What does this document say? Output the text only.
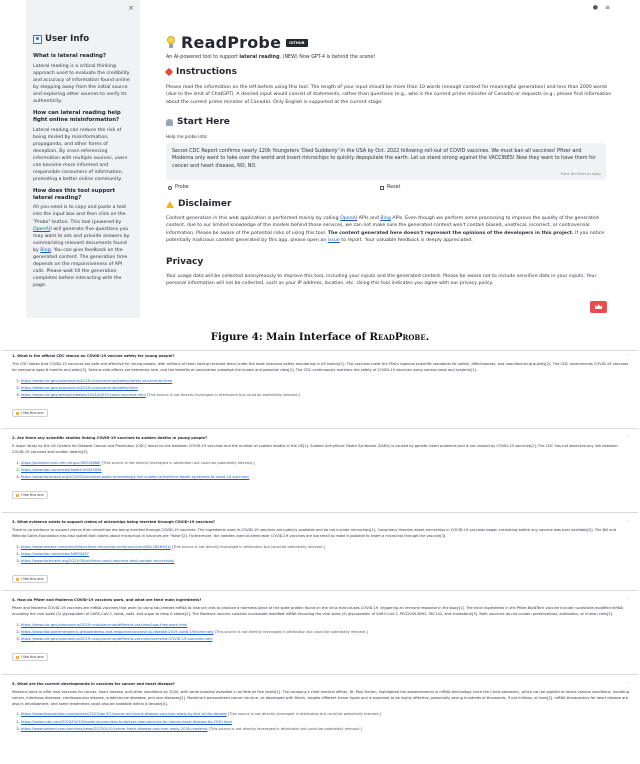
×
User Info
What is lateral reading?
Lateral reading is a critical thinking approach used to evaluate the credibility and accuracy of information found online by stepping away from the initial source and exploring other sources to verify its authenticity.
How can lateral reading help fight online misinformation?
Lateral reading can reduce the risk of being misled by misinformation, propaganda, and other forms of deception. By cross-referencing information with multiple sources, users can become more informed and responsible consumers of information, promoting a better online community.
How does this tool support lateral reading?
All you need is to copy and paste a text into the input box and then click on the "Probe" button. This tool (powered by OpenAI) will generate five questions you may want to ask and provide answers by summarizing relevant documents found by Bing. You can give feedback on the generated content. The generation time depends on the responsiveness of API calls. Please wait till the generation completes before interacting with the page.
● ≡
ReadProbe	GITHUB
An AI-powered tool to support lateral reading. (NEW) Now GPT-4 is behind the scene!
Instructions
Please read the information on the left before using this tool. The length of your input should be more than 10 words (enough context for meaningful generation) and less than 2000 words (due to the limit of ChatGPT). A desired input would consist of statements, rather than questions (e.g., who is the current prime minister of Canada) or requests (e.g., please find information about the current prime minister of Canada). Only English is supported at the current stage.
Start Here
Help me probe into:
Secret CDC Report confirms nearly 120k Youngsters 'Died Suddenly' in the USA by Oct. 2022 following roll-out of COVID vaccines. We must ban all vaccines! Pfizer and Moderna only want to take over the world and insert microchips to quickly depopulate the earth. Let us stand strong against the VACCINES! Now they want to have them for cancer and heart disease, NO, NO.
Press ⌘+Enter to apply
Probe	Reset
Disclaimer
Content generation in this web application is performed mainly by calling OpenAI APIs and Bing APIs. Even though we perform some processing to improve the quality of the generated content, due to our limited knowledge of the models behind those services, we can not make sure the generated content won't contain biased, unethical, incorrect, or controversial information. Please be aware of the potential risks of using this tool. The content generated here doesn't represent the opinions of the developers in this project. If you notice potentially malicious content generated by this app, please open an issue to report. Your valuable feedback is deeply appreciated.
Privacy
Your usage data will be collected anonymously to improve this tool, including your inputs and the generated content. Please be aware not to include sensitive data in your inputs. Your personal information will not be collected, such as your IP address, location, etc. Using this tool indicates you agree with our privacy policy.
Figure 4: Main Interface of ReadProbe.
1. What is the official CDC stance on COVID-19 vaccine safety for young people?	⌃
The CDC states that COVID-19 vaccines are safe and effective for young people, with millions of them having received them under the most intensive safety monitoring in US history[1]. The vaccines meet the FDA's rigorous scientific standards for safety, effectiveness, and manufacturing quality[2]. The CDC recommends COVID-19 vaccines for everyone ages 6 months and older[3]. Serious side effects are extremely rare, and the benefits of vaccination outweigh the known and potential risks[2]. The CDC continuously monitors the safety of COVID-19 vaccines using various tools and systems[1].
1. https://www.cdc.gov/coronavirus/2019-ncov/vaccines/safety/safety-of-vaccines.html
2. https://www.cdc.gov/coronavirus/2019-ncov/vaccines/safety.html
3. https://www.cdc.gov/media/releases/2023/s0419-covid-vaccines.html [This source is not directly leveraged in attribution but could be potentially relevant.]
I like this one
2. Are there any scientific studies linking COVID-19 vaccines to sudden deaths in young people?	⌃
A major study by the US Centers for Disease Control and Prevention (CDC) found no link between COVID-19 vaccines and the number of sudden deaths in the US[1]. Sudden Arrhythmic Death Syndrome (SADS) is caused by genetic heart problems and is not caused by COVID-19 vaccines[2]. The CDC has not observed any link between COVID-19 vaccines and sudden deaths[3].
1. https://pubmed.ncbi.nlm.nih.gov/36915686/ [This source is not directly leveraged in attribution but could be potentially relevant.]
2. https://www.bbc.com/news/health-64453594
3. https://www.factcheck.org/2023/02/scicheck-posts-misleadingly-link-sudden-arrhythmic-death-syndrome-to-covid-19-vaccines/
I like this one
3. What evidence exists to support claims of microchips being inserted through COVID-19 vaccines?	⌃
There is no evidence to support claims that microchips are being inserted through COVID-19 vaccines. The ingredients used in COVID-19 vaccines are publicly available and do not include microchips[1]. Conspiracy theories about microchips in COVID-19 vaccines began circulating before any vaccine was ever available[2]. The Bill and Melinda Gates Foundation has also stated that claims about microchips in vaccines are "false"[2]. Furthermore, the needles used to administer COVID-19 vaccines are too small to make it possible to insert a microchip through the vaccine[3].
1. https://www.reuters.com/article/factcheck-microchip-covid-vaccine-idUSL1N2K0Q1J [This source is not directly leveraged in attribution but could be potentially relevant.]
2. https://www.bbc.com/news/54893437
3. https://www.factcheck.org/2021/05/scicheck-covid-vaccines-dont-contain-microchips/
I like this one
4. How do Pfizer and Moderna COVID-19 vaccines work, and what are their main ingredients?	⌃
Pfizer and Moderna COVID-19 vaccines are mRNA vaccines that work by using lab-created mRNA to instruct cells to produce a harmless piece of the spike protein found on the virus that causes COVID-19, triggering an immune response in the body[1]. The main ingredients in the Pfizer-BioNTech vaccine include nucleoside-modified mRNA encoding the viral spike (S) glycoprotein of SARS-CoV-2, lipids, salts, and sugar to keep it stable[2]. The Moderna vaccine contains nucleoside-modified mRNA encoding the viral spike (S) glycoprotein of SARS-CoV-2, PEG2000-DMG, SM-102, and cholesterol[3]. Both vaccines do not contain preservatives, antibiotics, or human cells[3].
1. https://www.cdc.gov/coronavirus/2019-ncov/vaccines/different-vaccines/how-they-work.html
2. https://www.fda.gov/emergency-preparedness-and-response/coronavirus-disease-2019-covid-19/comirnaty [This source is not directly leveraged in attribution but could be potentially relevant.]
3. https://www.cdc.gov/coronavirus/2019-ncov/vaccines/different-vaccines/overview-COVID-19-vaccines.html
I like this one
5. What are the current developments in vaccines for cancer and heart disease?	⌃
Moderna aims to offer new vaccines for cancer, heart disease, and other conditions by 2030, with some possibly available in as little as five years[1]. The company's chief medical officer, Dr. Paul Burton, highlighted the advancements in mRNA technology since the Covid pandemic, which can be applied to tackle various conditions, including cancer, infectious diseases, cardiovascular disease, autoimmune diseases, and rare diseases[2]. Moderna's personalized cancer vaccine, co-developed with Merck, targets different tumor types and is expected to be highly effective, potentially saving hundreds of thousands, if not millions, of lives[2]. mRNA therapeutics for heart disease are also in development, and some treatments could also be available within a decade[3].
1. https://www.theguardian.com/society/2023/apr/07/cancer-and-heart-disease-vaccines-ready-by-end-of-the-decade [This source is not directly leveraged in attribution but could be potentially relevant.]
2. https://www.cnbc.com/2023/04/10/moderna-promises-to-deliver-new-vaccines-for-cancer-heart-disease-by-2030.html
3. https://www.webmd.com/vaccines/news/20230410/cancer-heart-disease-vaccines-ready-2030-moderna [This source is not directly leveraged in attribution but could be potentially relevant.]
